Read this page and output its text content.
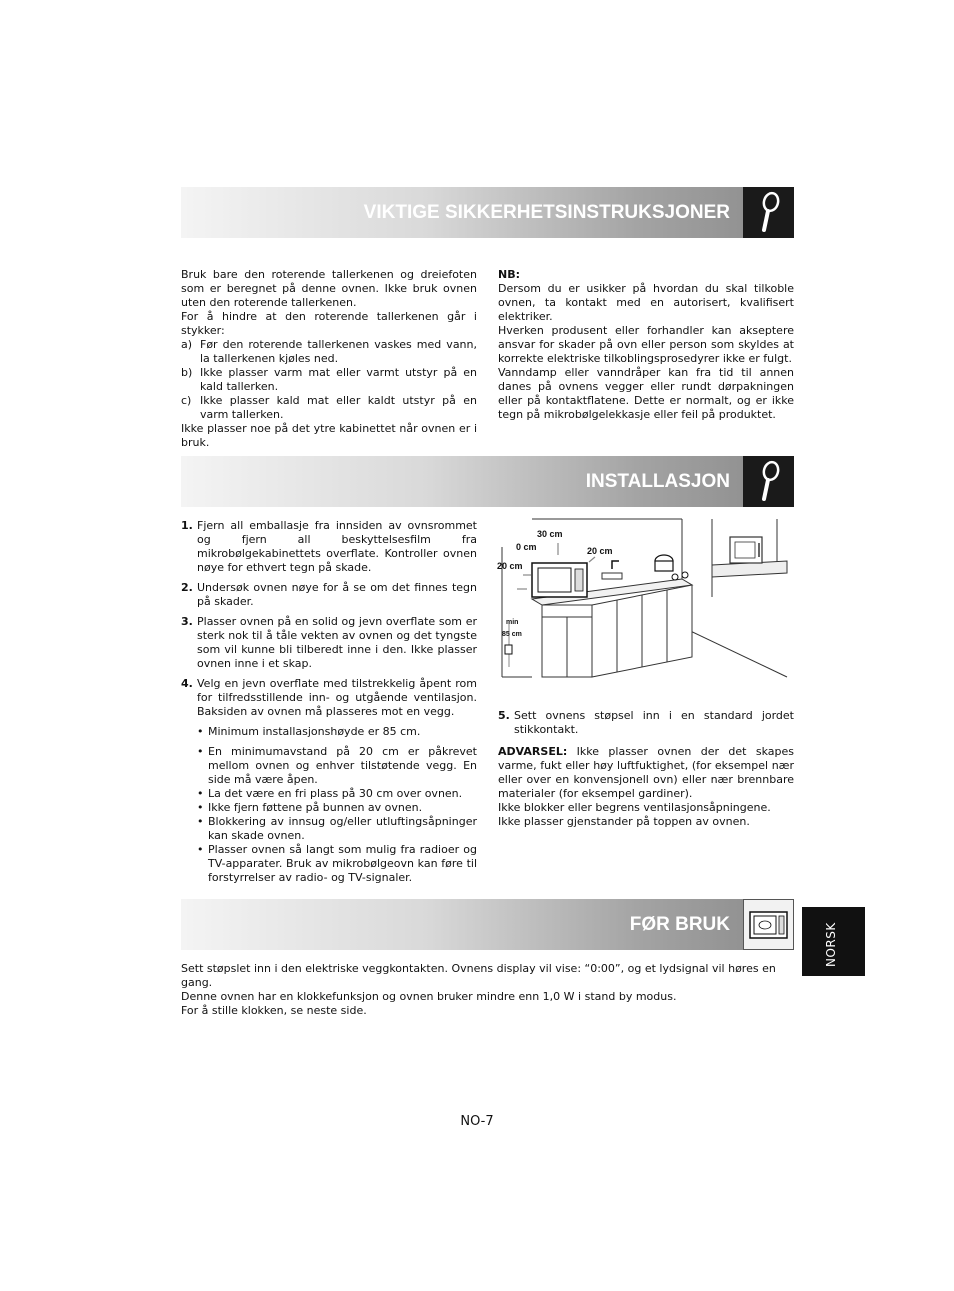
VIKTIGE SIKKERHETSINSTRUKSJONER

Bruk bare den roterende tallerkenen og dreiefoten som er beregnet på denne ovnen. Ikke bruk ovnen uten den roterende tallerkenen.

For å hindre at den roterende tallerkenen går i stykker:

a) Før den roterende tallerkenen vaskes med vann, la tallerkenen kjøles ned.
b) Ikke plasser varm mat eller varmt utstyr på en kald tallerken.
c) Ikke plasser kald mat eller kaldt utstyr på en varm tallerken.

Ikke plasser noe på det ytre kabinettet når ovnen er i bruk.

NB:

Dersom du er usikker på hvordan du skal tilkoble ovnen, ta kontakt med en autorisert, kvalifisert elektriker.

Hverken produsent eller forhandler kan akseptere ansvar for skader på ovn eller person som skyldes at korrekte elektriske tilkoblingsprosedyrer ikke er fulgt.

Vanndamp eller vanndråper kan fra tid til annen danes på ovnens vegger eller rundt dørpakningen eller på kontaktflatene. Dette er normalt, og er ikke tegn på mikrobølgelekkasje eller feil på produktet.

INSTALLASJON
1. Fjern all emballasje fra innsiden av ovnsrommet og fjern all beskyttelsesfilm fra mikrobølgekabinettets overflate. Kontroller ovnen nøye for ethvert tegn på skade.
2. Undersøk ovnen nøye for å se om det finnes tegn på skader.
3. Plasser ovnen på en solid og jevn overflate som er sterk nok til å tåle vekten av ovnen og det tyngste som vil kunne bli tilberedt inne i den. Ikke plasser ovnen inne i et skap.
4. Velg en jevn overflate med tilstrekkelig åpent rom for tilfredsstillende inn- og utgående ventilasjon. Baksiden av ovnen må plasseres mot en vegg.
• Minimum installasjonshøyde er 85 cm.
• En minimumavstand på 20 cm er påkrevet mellom ovnen og enhver tilstøtende vegg. En side må være åpen.
• La det være en fri plass på 30 cm over ovnen.
• Ikke fjern føttene på bunnen av ovnen.
• Blokkering av innsug og/eller utluftingsåpninger kan skade ovnen.
• Plasser ovnen så langt som mulig fra radioer og TV-apparater. Bruk av mikrobølgeovn kan føre til forstyrrelser av radio- og TV-signaler.
30 cm
0 cm	20 cm
20 cm
min
85 cm
5. Sett ovnens støpsel inn i en standard jordet stikkontakt.

ADVARSEL: Ikke plasser ovnen der det skapes varme, fukt eller høy luftfuktighet, (for eksempel nær eller over en konvensjonell ovn) eller nær brennbare materialer (for eksempel gardiner).

Ikke blokker eller begrens ventilasjonsåpningene.

Ikke plasser gjenstander på toppen av ovnen.

FØR BRUK

Sett støpslet inn i den elektriske veggkontakten. Ovnens display vil vise: “0:00”, og et lydsignal vil høres en gang.

Denne ovnen har en klokkefunksjon og ovnen bruker mindre enn 1,0 W i stand by modus.

For å stille klokken, se neste side.

NORSK
NO-7
